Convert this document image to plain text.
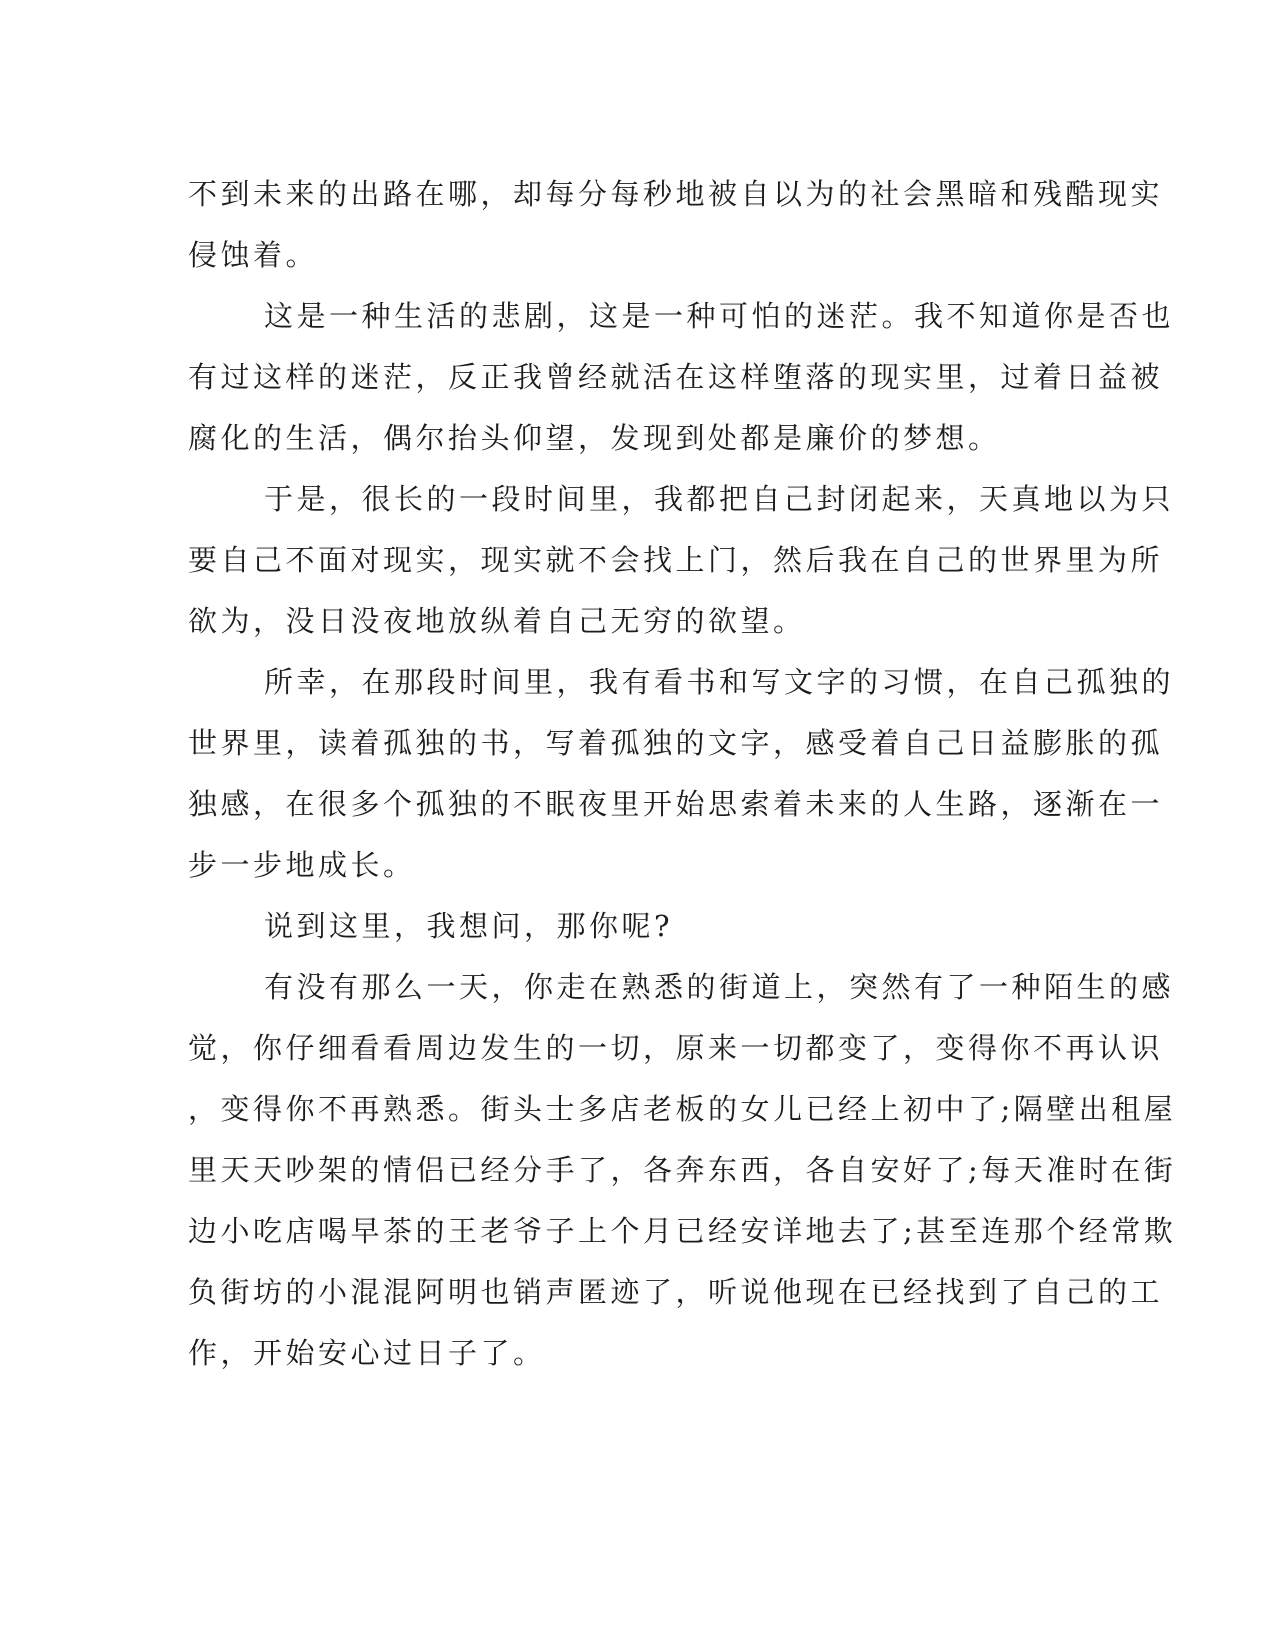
不到未来的出路在哪，却每分每秒地被自以为的社会黑暗和残酷现实
侵蚀着。
这是一种生活的悲剧，这是一种可怕的迷茫。我不知道你是否也
有过这样的迷茫，反正我曾经就活在这样堕落的现实里，过着日益被
腐化的生活，偶尔抬头仰望，发现到处都是廉价的梦想。
于是，很长的一段时间里，我都把自己封闭起来，天真地以为只
要自己不面对现实，现实就不会找上门，然后我在自己的世界里为所
欲为，没日没夜地放纵着自己无穷的欲望。
所幸，在那段时间里，我有看书和写文字的习惯，在自己孤独的
世界里，读着孤独的书，写着孤独的文字，感受着自己日益膨胀的孤
独感，在很多个孤独的不眠夜里开始思索着未来的人生路，逐渐在一
步一步地成长。
说到这里，我想问，那你呢?
有没有那么一天，你走在熟悉的街道上，突然有了一种陌生的感
觉，你仔细看看周边发生的一切，原来一切都变了，变得你不再认识
，变得你不再熟悉。街头士多店老板的女儿已经上初中了;隔壁出租屋
里天天吵架的情侣已经分手了，各奔东西，各自安好了;每天准时在街
边小吃店喝早茶的王老爷子上个月已经安详地去了;甚至连那个经常欺
负街坊的小混混阿明也销声匿迹了，听说他现在已经找到了自己的工
作，开始安心过日子了。
